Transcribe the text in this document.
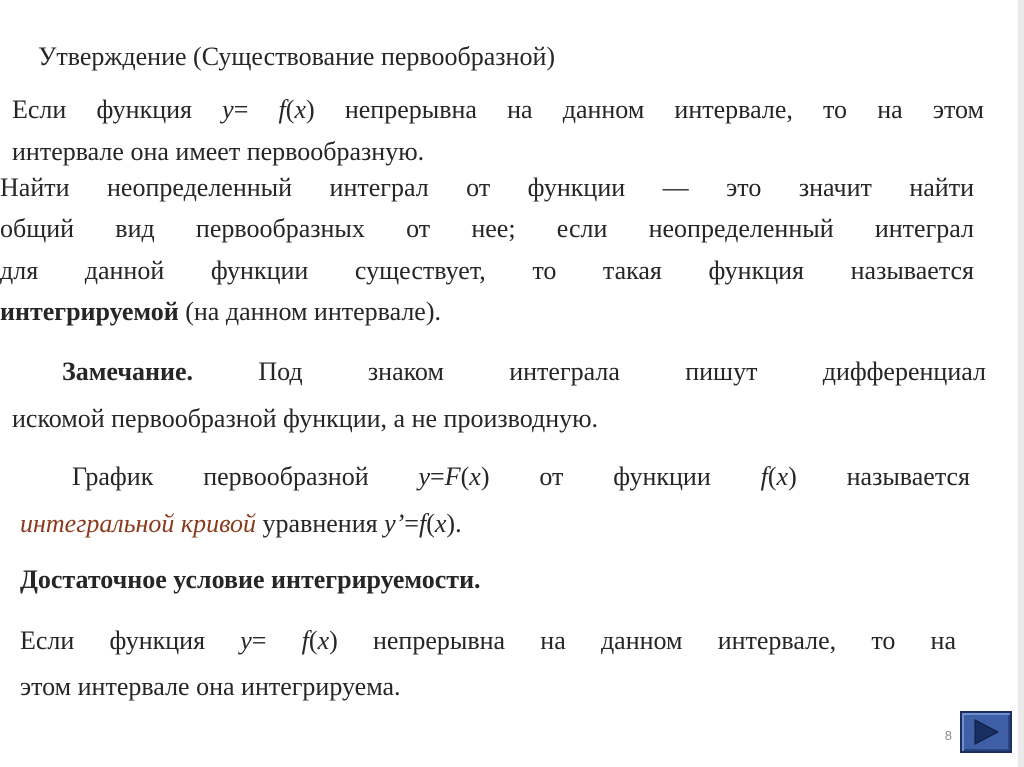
Утверждение (Существование первообразной)
Если функция y= f(x) непрерывна на данном интервале, то на этом
интервале она имеет первообразную.
Найти неопределенный интеграл от функции — это значит найти
общий вид первообразных от нее; если неопределенный интеграл
для данной функции существует, то такая функция называется
интегрируемой (на данном интервале).
Замечание. Под знаком интеграла пишут дифференциал
искомой первообразной функции, а не производную.
График первообразной y=F(x) от функции f(x) называется
интегральной кривой уравнения y’=f(x).
Достаточное условие интегрируемости.
Если функция y= f(x) непрерывна на данном интервале, то на
этом интервале она интегрируема.
8
